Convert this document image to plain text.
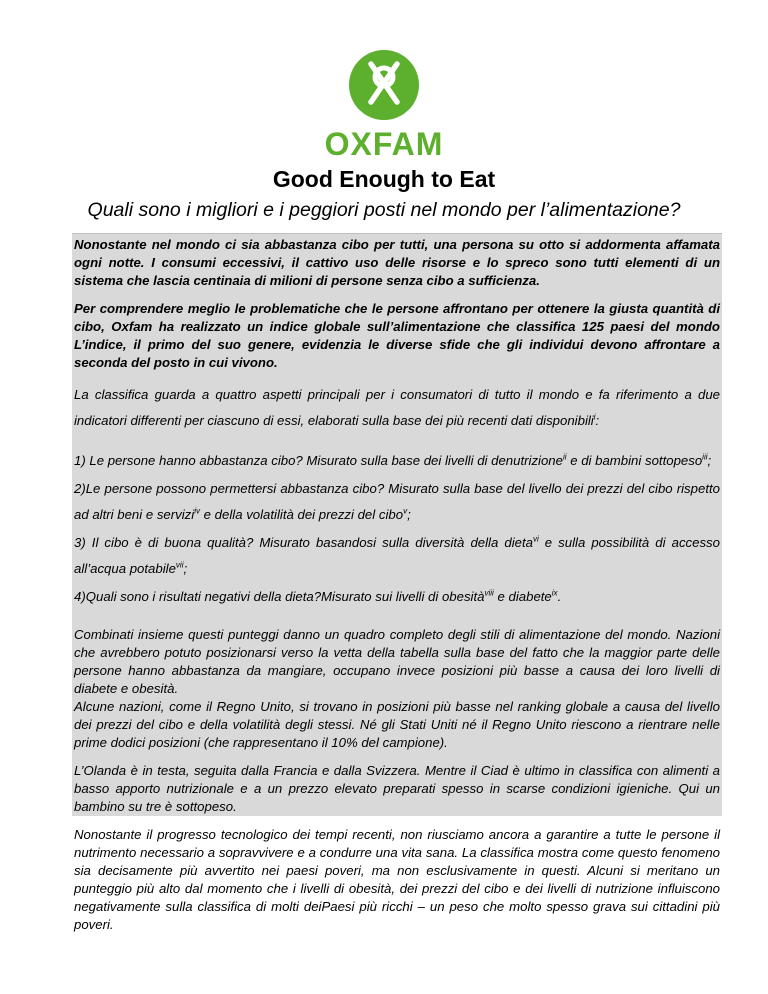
OXFAM
Good Enough to Eat
Quali sono i migliori e i peggiori posti nel mondo per l’alimentazione?

Nonostante nel mondo ci sia abbastanza cibo per tutti, una persona su otto si addormenta affamata ogni notte. I consumi eccessivi, il cattivo uso delle risorse e lo spreco sono tutti elementi di un sistema che lascia centinaia di milioni di persone senza cibo a sufficienza.

Per comprendere meglio le problematiche che le persone affrontano per ottenere la giusta quantità di cibo, Oxfam ha realizzato un indice globale sull’alimentazione che classifica 125 paesi del mondo L’indice, il primo del suo genere, evidenzia le diverse sfide che gli individui devono affrontare a seconda del posto in cui vivono.

La classifica guarda a quattro aspetti principali per i consumatori di tutto il mondo e fa riferimento a due indicatori differenti per ciascuno di essi, elaborati sulla base dei più recenti dati disponibili$^i$:

1) Le persone hanno abbastanza cibo? Misurato sulla base dei livelli di denutrizione$^{ii}$ e di bambini sottopeso$^{iii}$;

2)Le persone possono permettersi abbastanza cibo? Misurato sulla base del livello dei prezzi del cibo rispetto ad altri beni e servizi$^{iv}$ e della volatilità dei prezzi del cibo$^v$;

3) Il cibo è di buona qualità? Misurato basandosi sulla diversità della dieta$^{vi}$ e sulla possibilità di accesso all’acqua potabile$^{vii}$;

4)Quali sono i risultati negativi della dieta?Misurato sui livelli di obesità$^{viii}$ e diabete$^{ix}$.

Combinati insieme questi punteggi danno un quadro completo degli stili di alimentazione del mondo. Nazioni che avrebbero potuto posizionarsi verso la vetta della tabella sulla base del fatto che la maggior parte delle persone hanno abbastanza da mangiare, occupano invece posizioni più basse a causa dei loro livelli di diabete e obesità.
Alcune nazioni, come il Regno Unito, si trovano in posizioni più basse nel ranking globale a causa del livello dei prezzi del cibo e della volatilità degli stessi. Né gli Stati Uniti né il Regno Unito riescono a rientrare nelle prime dodici posizioni (che rappresentano il 10% del campione).

L’Olanda è in testa, seguita dalla Francia e dalla Svizzera. Mentre il Ciad è ultimo in classifica con alimenti a basso apporto nutrizionale e a un prezzo elevato preparati spesso in scarse condizioni igieniche. Qui un bambino su tre è sottopeso.

Nonostante il progresso tecnologico dei tempi recenti, non riusciamo ancora a garantire a tutte le persone il nutrimento necessario a sopravvivere e a condurre una vita sana. La classifica mostra come questo fenomeno sia decisamente più avvertito nei paesi poveri, ma non esclusivamente in questi. Alcuni si meritano un punteggio più alto dal momento che i livelli di obesità, dei prezzi del cibo e dei livelli di nutrizione influiscono negativamente sulla classifica di molti deiPaesi più ricchi – un peso che molto spesso grava sui cittadini più poveri.
